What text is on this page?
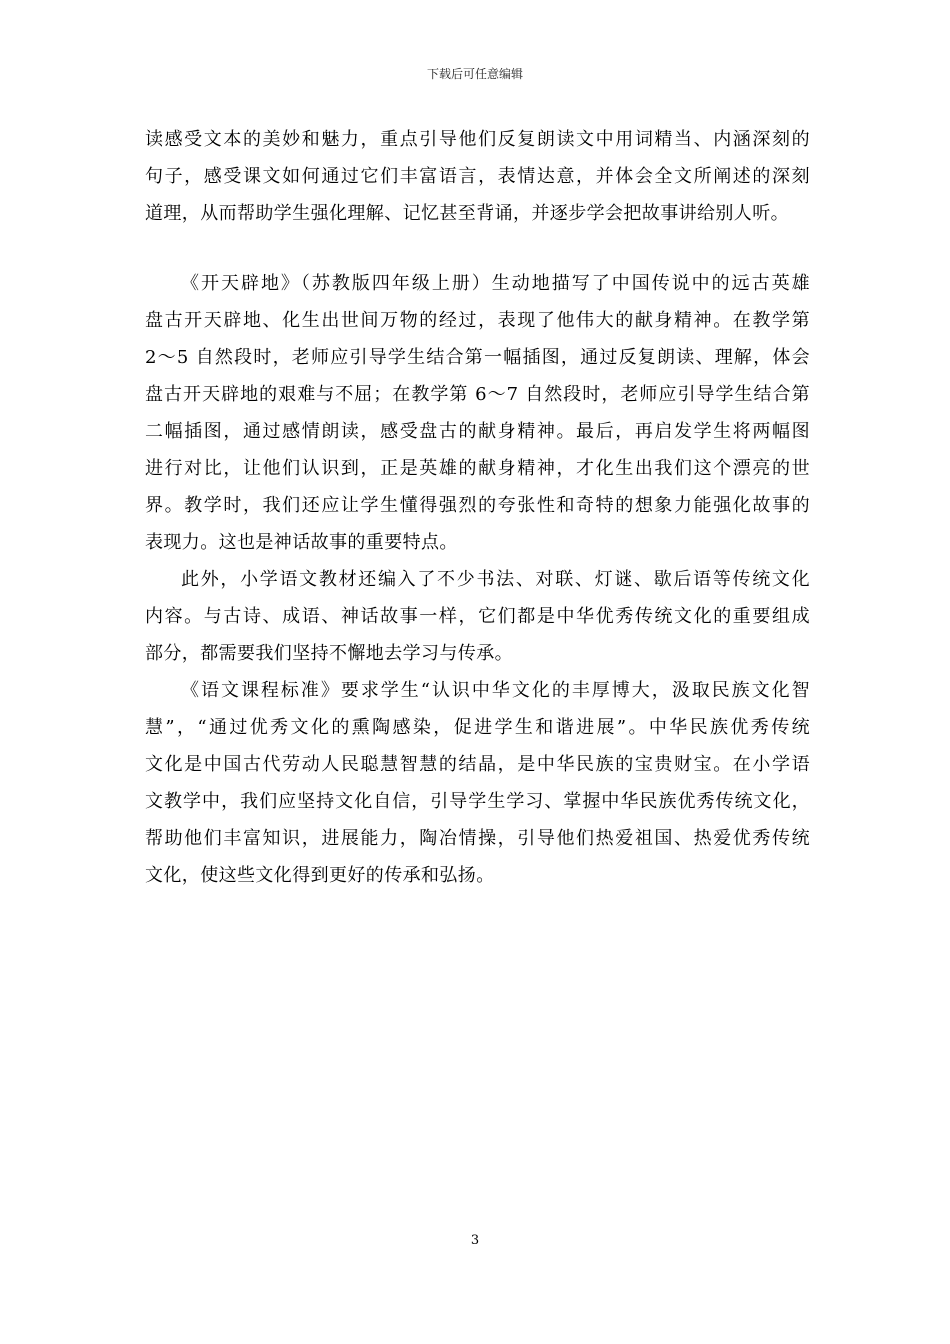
下载后可任意编辑
读感受文本的美妙和魅力，重点引导他们反复朗读文中用词精当、内涵深刻的
句子，感受课文如何通过它们丰富语言，表情达意，并体会全文所阐述的深刻
道理，从而帮助学生强化理解、记忆甚至背诵，并逐步学会把故事讲给别人听。
《开天辟地》（苏教版四年级上册）生动地描写了中国传说中的远古英雄
盘古开天辟地、化生出世间万物的经过，表现了他伟大的献身精神。在教学第
2～5 自然段时，老师应引导学生结合第一幅插图，通过反复朗读、理解，体会
盘古开天辟地的艰难与不屈；在教学第 6～7 自然段时，老师应引导学生结合第
二幅插图，通过感情朗读，感受盘古的献身精神。最后，再启发学生将两幅图
进行对比，让他们认识到，正是英雄的献身精神，才化生出我们这个漂亮的世
界。教学时，我们还应让学生懂得强烈的夸张性和奇特的想象力能强化故事的
表现力。这也是神话故事的重要特点。
此外，小学语文教材还编入了不少书法、对联、灯谜、歇后语等传统文化
内容。与古诗、成语、神话故事一样，它们都是中华优秀传统文化的重要组成
部分，都需要我们坚持不懈地去学习与传承。
《语文课程标准》要求学生“认识中华文化的丰厚博大，汲取民族文化智
慧”，“通过优秀文化的熏陶感染，促进学生和谐进展”。中华民族优秀传统
文化是中国古代劳动人民聪慧智慧的结晶，是中华民族的宝贵财宝。在小学语
文教学中，我们应坚持文化自信，引导学生学习、掌握中华民族优秀传统文化，
帮助他们丰富知识，进展能力，陶冶情操，引导他们热爱祖国、热爱优秀传统
文化，使这些文化得到更好的传承和弘扬。
3
